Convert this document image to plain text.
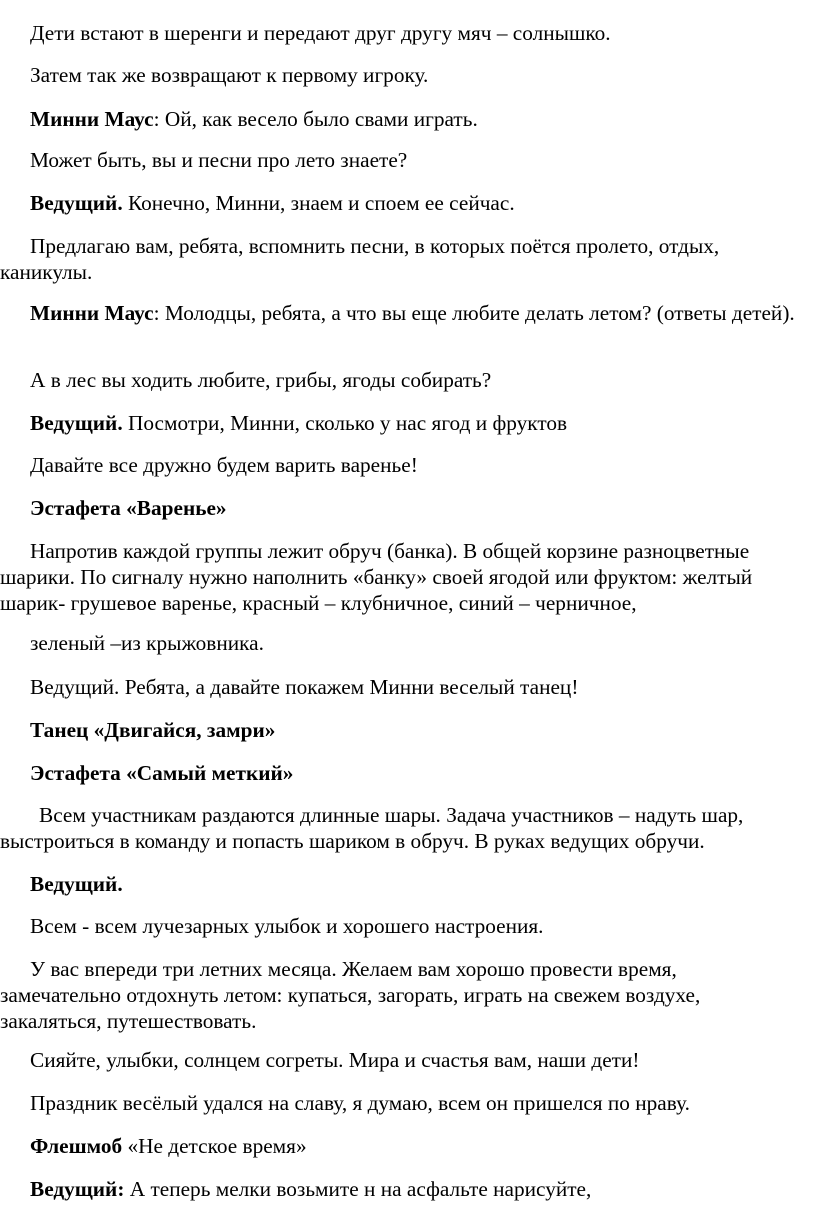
Дети встают в шеренги и передают друг другу мяч – солнышко.

Затем так же возвращают к первому игроку.

Минни Маус: Ой, как весело было свами играть.

Может быть, вы и песни про лето знаете?

Ведущий. Конечно, Минни, знаем и споем ее сейчас.

Предлагаю вам, ребята, вспомнить песни, в которых поётся пролето, отдых, каникулы.

Минни Маус: Молодцы, ребята, а что вы еще любите делать летом? (ответы детей).

А в лес вы ходить любите, грибы, ягоды собирать?

Ведущий. Посмотри, Минни, сколько у нас ягод и фруктов

Давайте все дружно будем варить варенье!

Эстафета «Варенье»

Напротив каждой группы лежит обруч (банка). В общей корзине разноцветные шарики. По сигналу нужно наполнить «банку» своей ягодой или фруктом: желтый шарик- грушевое варенье, красный – клубничное, синий – черничное,

зеленый –из крыжовника.

Ведущий. Ребята, а давайте покажем Минни веселый танец!

Танец «Двигайся, замри»

Эстафета «Самый меткий»

Всем участникам раздаются длинные шары. Задача участников – надуть шар, выстроиться в команду и попасть шариком в обруч. В руках ведущих обручи.

Ведущий.

Всем - всем лучезарных улыбок и хорошего настроения.

У вас впереди три летних месяца. Желаем вам хорошо провести время, замечательно отдохнуть летом: купаться, загорать, играть на свежем воздухе, закаляться, путешествовать.

Сияйте, улыбки, солнцем согреты. Мира и счастья вам, наши дети!

Праздник весёлый удался на славу, я думаю, всем он пришелся по нраву.

Флешмоб «Не детское время»

Ведущий: А теперь мелки возьмите н на асфальте нарисуйте,
